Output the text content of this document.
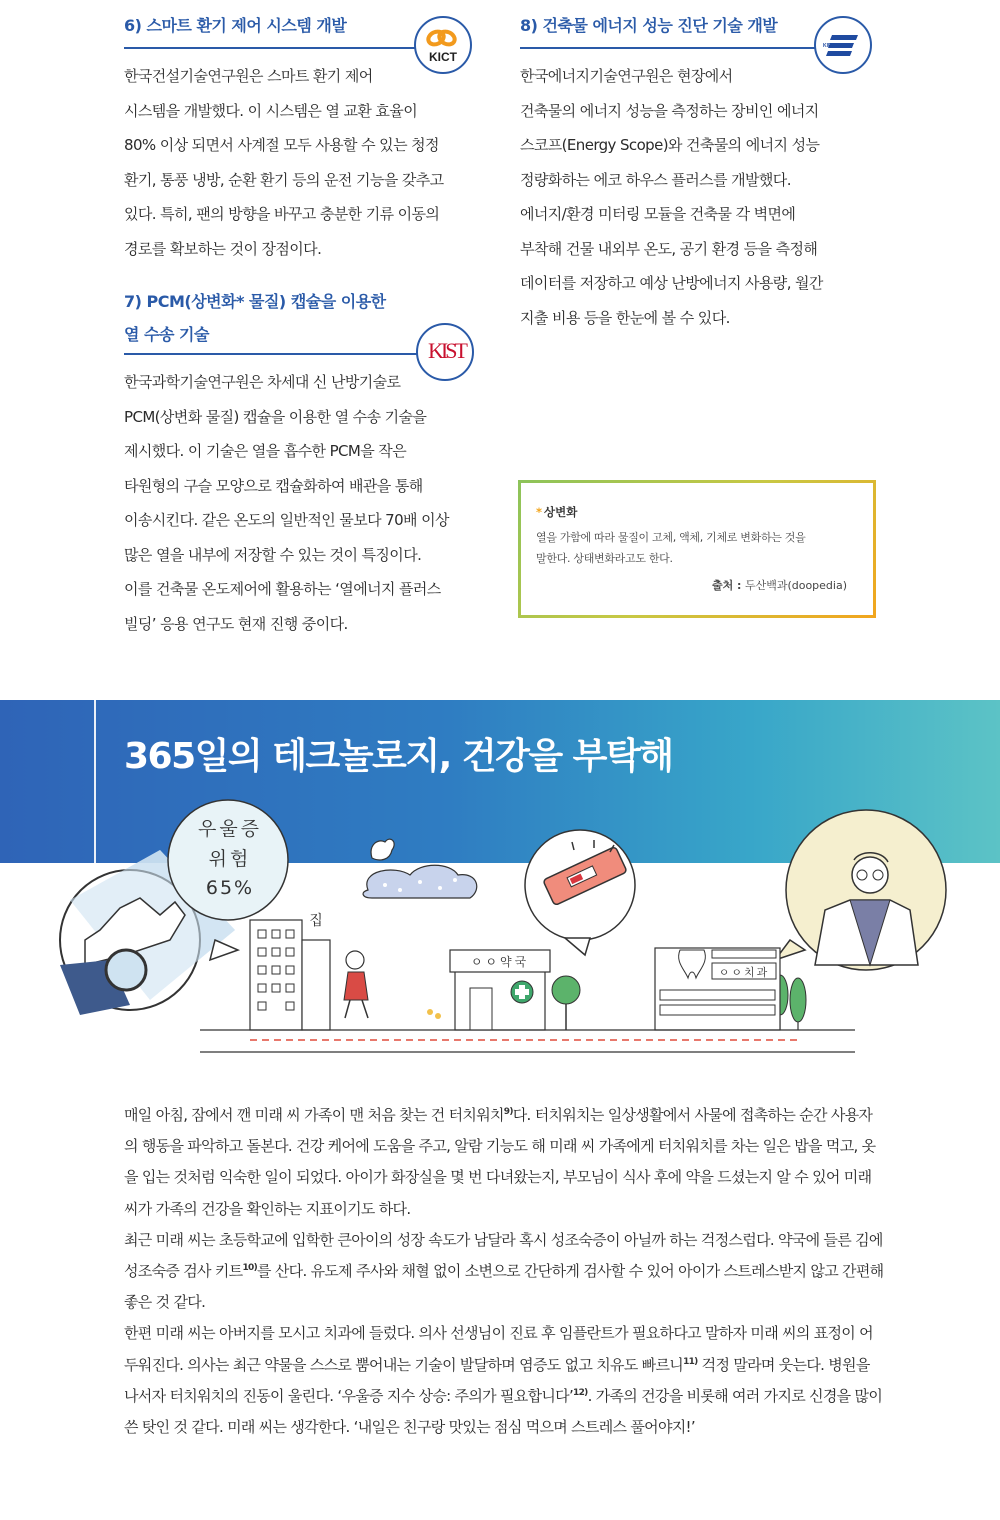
6) 스마트 환기 제어 시스템 개발
KICT
한국건설기술연구원은 스마트 환기 제어
시스템을 개발했다. 이 시스템은 열 교환 효율이
80% 이상 되면서 사계절 모두 사용할 수 있는 청정
환기, 통풍 냉방, 순환 환기 등의 운전 기능을 갖추고
있다. 특히, 팬의 방향을 바꾸고 충분한 기류 이동의
경로를 확보하는 것이 장점이다.
7) PCM(상변화* 물질) 캡슐을 이용한
열 수송 기술
KIST
한국과학기술연구원은 차세대 신 난방기술로
PCM(상변화 물질) 캡슐을 이용한 열 수송 기술을
제시했다. 이 기술은 열을 흡수한 PCM을 작은
타원형의 구슬 모양으로 캡슐화하여 배관을 통해
이송시킨다. 같은 온도의 일반적인 물보다 70배 이상
많은 열을 내부에 저장할 수 있는 것이 특징이다.
이를 건축물 온도제어에 활용하는 ‘열에너지 플러스
빌딩’ 응용 연구도 현재 진행 중이다.
8) 건축물 에너지 성능 진단 기술 개발
KIER
한국에너지기술연구원은 현장에서
건축물의 에너지 성능을 측정하는 장비인 에너지
스코프(Energy Scope)와 건축물의 에너지 성능
정량화하는 에코 하우스 플러스를 개발했다.
에너지/환경 미터링 모듈을 건축물 각 벽면에
부착해 건물 내외부 온도, 공기 환경 등을 측정해
데이터를 저장하고 예상 난방에너지 사용량, 월간
지출 비용 등을 한눈에 볼 수 있다.
* 상변화
열을 가함에 따라 물질이 고체, 액체, 기체로 변화하는 것을
말한다. 상태변화라고도 한다.
출처 : 두산백과(doopedia)
365일의 테크놀로지, 건강을 부탁해
우울증
위험
65%
집
ㅇㅇ약국
ㅇㅇ치과

매일 아침, 잠에서 깬 미래 씨 가족이 맨 처음 찾는 건 터치워치$^{9)}$다. 터치워치는 일상생활에서 사물에 접촉하는 순간 사용자의 행동을 파악하고 돌본다. 건강 케어에 도움을 주고, 알람 기능도 해 미래 씨 가족에게 터치워치를 차는 일은 밥을 먹고, 옷을 입는 것처럼 익숙한 일이 되었다. 아이가 화장실을 몇 번 다녀왔는지, 부모님이 식사 후에 약을 드셨는지 알 수 있어 미래 씨가 가족의 건강을 확인하는 지표이기도 하다.

최근 미래 씨는 초등학교에 입학한 큰아이의 성장 속도가 남달라 혹시 성조숙증이 아닐까 하는 걱정스럽다. 약국에 들른 김에 성조숙증 검사 키트$^{10)}$를 산다. 유도제 주사와 채혈 없이 소변으로 간단하게 검사할 수 있어 아이가 스트레스받지 않고 간편해 좋은 것 같다.

한편 미래 씨는 아버지를 모시고 치과에 들렀다. 의사 선생님이 진료 후 임플란트가 필요하다고 말하자 미래 씨의 표정이 어두워진다. 의사는 최근 약물을 스스로 뿜어내는 기술이 발달하며 염증도 없고 치유도 빠르니$^{11)}$ 걱정 말라며 웃는다. 병원을 나서자 터치워치의 진동이 울린다. ‘우울증 지수 상승: 주의가 필요합니다’$^{12)}$. 가족의 건강을 비롯해 여러 가지로 신경을 많이 쓴 탓인 것 같다. 미래 씨는 생각한다. ‘내일은 친구랑 맛있는 점심 먹으며 스트레스 풀어야지!’
